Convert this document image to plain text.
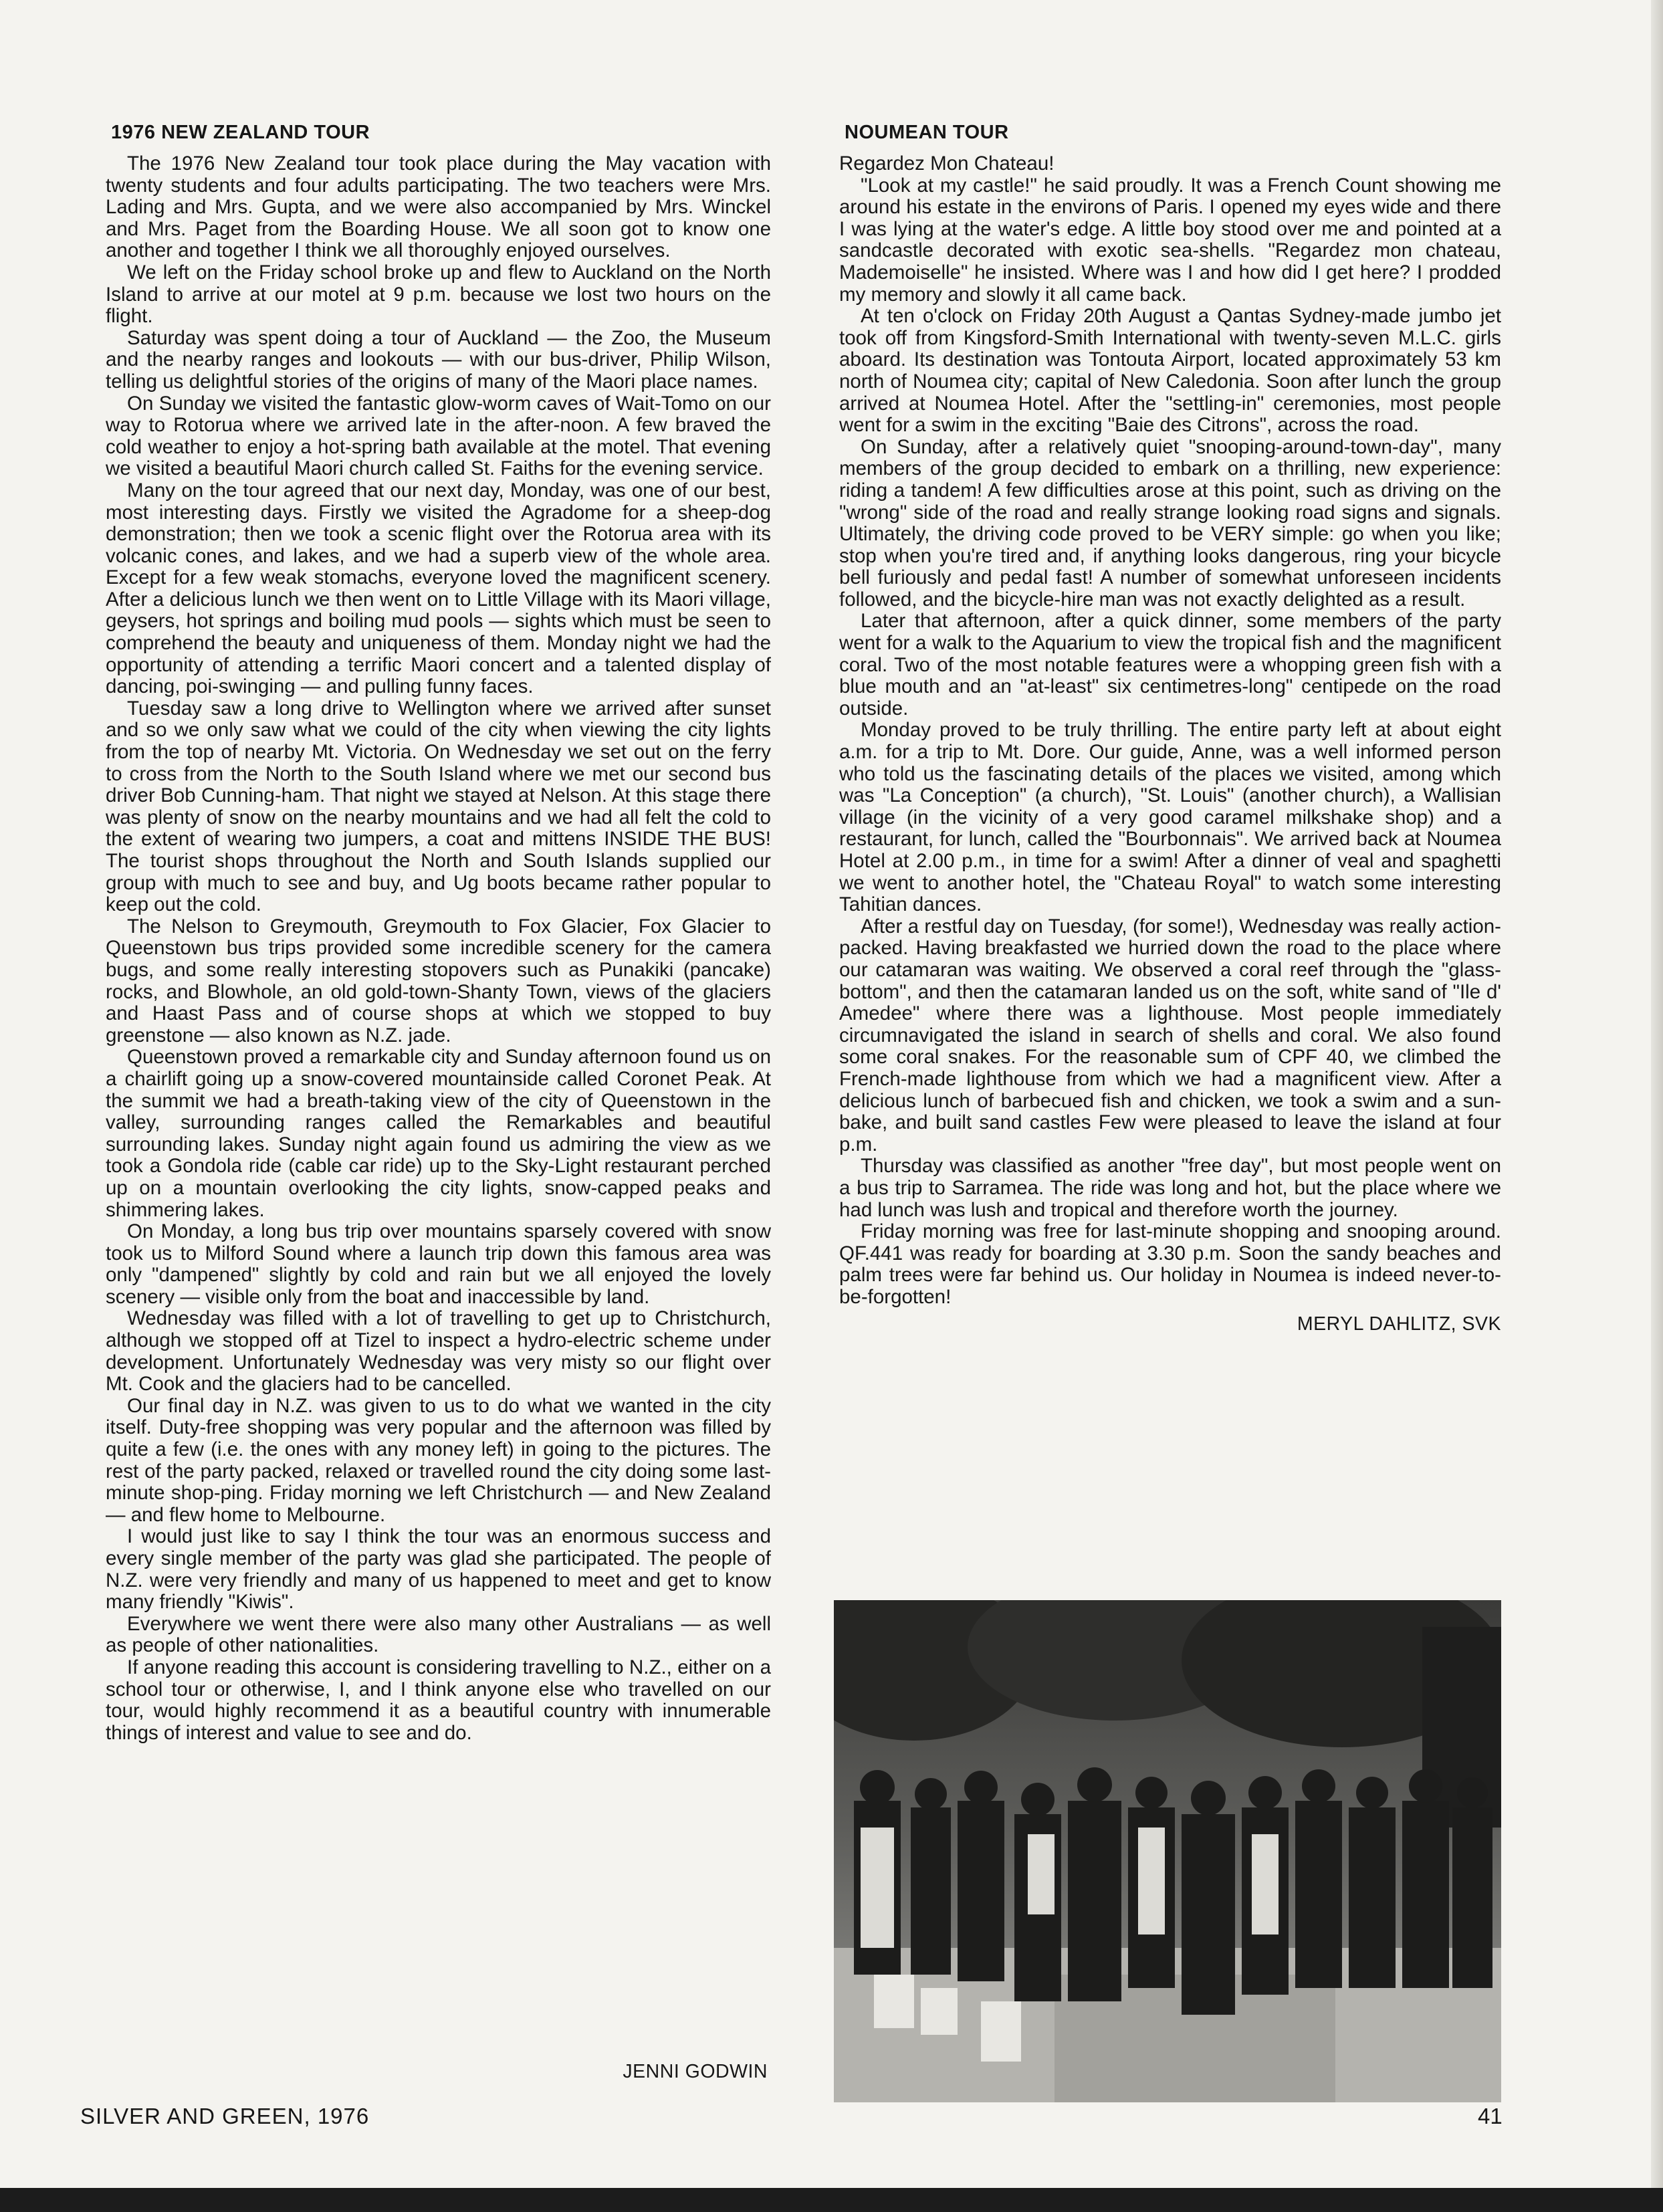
1976 NEW ZEALAND TOUR

The 1976 New Zealand tour took place during the May vacation with twenty students and four adults participating. The two teachers were Mrs. Lading and Mrs. Gupta, and we were also accompanied by Mrs. Winckel and Mrs. Paget from the Boarding House. We all soon got to know one another and together I think we all thoroughly enjoyed ourselves.

We left on the Friday school broke up and flew to Auckland on the North Island to arrive at our motel at 9 p.m. because we lost two hours on the flight.

Saturday was spent doing a tour of Auckland — the Zoo, the Museum and the nearby ranges and lookouts — with our bus-driver, Philip Wilson, telling us delightful stories of the origins of many of the Maori place names.

On Sunday we visited the fantastic glow-worm caves of Wait-Tomo on our way to Rotorua where we arrived late in the after-noon. A few braved the cold weather to enjoy a hot-spring bath available at the motel. That evening we visited a beautiful Maori church called St. Faiths for the evening service.

Many on the tour agreed that our next day, Monday, was one of our best, most interesting days. Firstly we visited the Agradome for a sheep-dog demonstration; then we took a scenic flight over the Rotorua area with its volcanic cones, and lakes, and we had a superb view of the whole area. Except for a few weak stomachs, everyone loved the magnificent scenery. After a delicious lunch we then went on to Little Village with its Maori village, geysers, hot springs and boiling mud pools — sights which must be seen to comprehend the beauty and uniqueness of them. Monday night we had the opportunity of attending a terrific Maori concert and a talented display of dancing, poi-swinging — and pulling funny faces.

Tuesday saw a long drive to Wellington where we arrived after sunset and so we only saw what we could of the city when viewing the city lights from the top of nearby Mt. Victoria. On Wednesday we set out on the ferry to cross from the North to the South Island where we met our second bus driver Bob Cunning-ham. That night we stayed at Nelson. At this stage there was plenty of snow on the nearby mountains and we had all felt the cold to the extent of wearing two jumpers, a coat and mittens INSIDE THE BUS! The tourist shops throughout the North and South Islands supplied our group with much to see and buy, and Ug boots became rather popular to keep out the cold.

The Nelson to Greymouth, Greymouth to Fox Glacier, Fox Glacier to Queenstown bus trips provided some incredible scenery for the camera bugs, and some really interesting stopovers such as Punakiki (pancake) rocks, and Blowhole, an old gold-town-Shanty Town, views of the glaciers and Haast Pass and of course shops at which we stopped to buy greenstone — also known as N.Z. jade.

Queenstown proved a remarkable city and Sunday afternoon found us on a chairlift going up a snow-covered mountainside called Coronet Peak. At the summit we had a breath-taking view of the city of Queenstown in the valley, surrounding ranges called the Remarkables and beautiful surrounding lakes. Sunday night again found us admiring the view as we took a Gondola ride (cable car ride) up to the Sky-Light restaurant perched up on a mountain overlooking the city lights, snow-capped peaks and shimmering lakes.

On Monday, a long bus trip over mountains sparsely covered with snow took us to Milford Sound where a launch trip down this famous area was only "dampened" slightly by cold and rain but we all enjoyed the lovely scenery — visible only from the boat and inaccessible by land.

Wednesday was filled with a lot of travelling to get up to Christchurch, although we stopped off at Tizel to inspect a hydro-electric scheme under development. Unfortunately Wednesday was very misty so our flight over Mt. Cook and the glaciers had to be cancelled.

Our final day in N.Z. was given to us to do what we wanted in the city itself. Duty-free shopping was very popular and the afternoon was filled by quite a few (i.e. the ones with any money left) in going to the pictures. The rest of the party packed, relaxed or travelled round the city doing some last-minute shop-ping. Friday morning we left Christchurch — and New Zealand — and flew home to Melbourne.

I would just like to say I think the tour was an enormous success and every single member of the party was glad she participated. The people of N.Z. were very friendly and many of us happened to meet and get to know many friendly "Kiwis".

Everywhere we went there were also many other Australians — as well as people of other nationalities.

If anyone reading this account is considering travelling to N.Z., either on a school tour or otherwise, I, and I think anyone else who travelled on our tour, would highly recommend it as a beautiful country with innumerable things of interest and value to see and do.

JENNI GODWIN
NOUMEAN TOUR

Regardez Mon Chateau!

"Look at my castle!" he said proudly. It was a French Count showing me around his estate in the environs of Paris. I opened my eyes wide and there I was lying at the water's edge. A little boy stood over me and pointed at a sandcastle decorated with exotic sea-shells. "Regardez mon chateau, Mademoiselle" he insisted. Where was I and how did I get here? I prodded my memory and slowly it all came back.

At ten o'clock on Friday 20th August a Qantas Sydney-made jumbo jet took off from Kingsford-Smith International with twenty-seven M.L.C. girls aboard. Its destination was Tontouta Airport, located approximately 53 km north of Noumea city; capital of New Caledonia. Soon after lunch the group arrived at Noumea Hotel. After the "settling-in" ceremonies, most people went for a swim in the exciting "Baie des Citrons", across the road.

On Sunday, after a relatively quiet "snooping-around-town-day", many members of the group decided to embark on a thrilling, new experience: riding a tandem! A few difficulties arose at this point, such as driving on the "wrong" side of the road and really strange looking road signs and signals. Ultimately, the driving code proved to be VERY simple: go when you like; stop when you're tired and, if anything looks dangerous, ring your bicycle bell furiously and pedal fast! A number of somewhat unforeseen incidents followed, and the bicycle-hire man was not exactly delighted as a result.

Later that afternoon, after a quick dinner, some members of the party went for a walk to the Aquarium to view the tropical fish and the magnificent coral. Two of the most notable features were a whopping green fish with a blue mouth and an "at-least" six centimetres-long" centipede on the road outside.

Monday proved to be truly thrilling. The entire party left at about eight a.m. for a trip to Mt. Dore. Our guide, Anne, was a well informed person who told us the fascinating details of the places we visited, among which was "La Conception" (a church), "St. Louis" (another church), a Wallisian village (in the vicinity of a very good caramel milkshake shop) and a restaurant, for lunch, called the "Bourbonnais". We arrived back at Noumea Hotel at 2.00 p.m., in time for a swim! After a dinner of veal and spaghetti we went to another hotel, the "Chateau Royal" to watch some interesting Tahitian dances.

After a restful day on Tuesday, (for some!), Wednesday was really action-packed. Having breakfasted we hurried down the road to the place where our catamaran was waiting. We observed a coral reef through the "glass-bottom", and then the catamaran landed us on the soft, white sand of "Ile d' Amedee" where there was a lighthouse. Most people immediately circumnavigated the island in search of shells and coral. We also found some coral snakes. For the reasonable sum of CPF 40, we climbed the French-made lighthouse from which we had a magnificent view. After a delicious lunch of barbecued fish and chicken, we took a swim and a sun-bake, and built sand castles Few were pleased to leave the island at four p.m.

Thursday was classified as another "free day", but most people went on a bus trip to Sarramea. The ride was long and hot, but the place where we had lunch was lush and tropical and therefore worth the journey.

Friday morning was free for last-minute shopping and snooping around. QF.441 was ready for boarding at 3.30 p.m. Soon the sandy beaches and palm trees were far behind us. Our holiday in Noumea is indeed never-to-be-forgotten!

MERYL DAHLITZ, SVK
SILVER AND GREEN, 1976	41
